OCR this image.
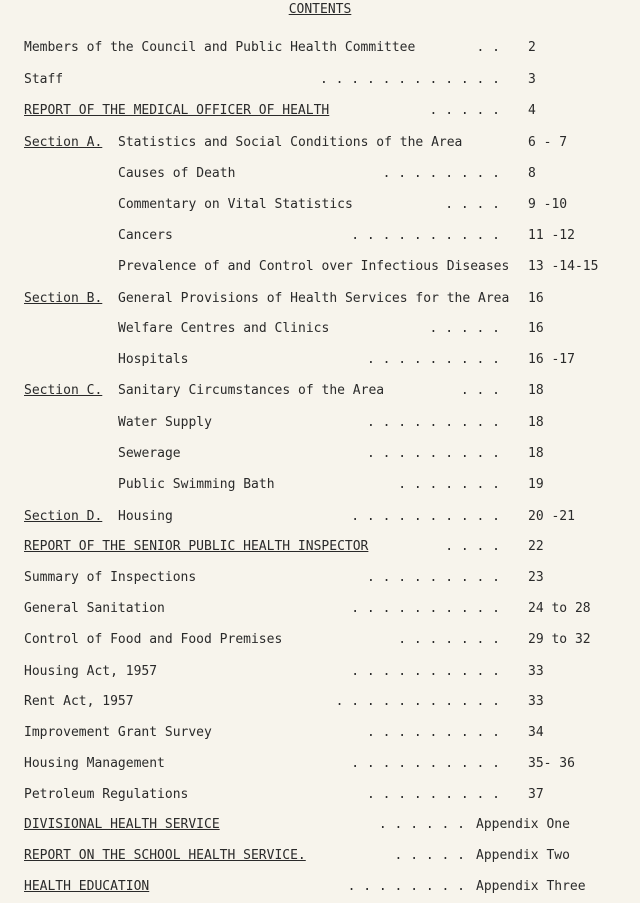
CONTENTS
Members of the Council and Public Health Committee	. . 2
Staff	. . . . . . . . . . . . 3
REPORT OF THE MEDICAL OFFICER OF HEALTH	. . . . . 4
Section A. Statistics and Social Conditions of the Area	6 - 7
Causes of Death	. . . . . . . . 8
Commentary on Vital Statistics	. . . . 9 -10
Cancers	. . . . . . . . . . 11 -12
Prevalence of and Control over Infectious Diseases 13 -14-15
Section B. General Provisions of Health Services for the Area 16
Welfare Centres and Clinics	. . . . . 16
Hospitals	. . . . . . . . . 16 -17
Section C. Sanitary Circumstances of the Area	. . . 18
Water Supply	. . . . . . . . . 18
Sewerage	. . . . . . . . . 18
Public Swimming Bath	. . . . . . . 19
Section D. Housing	. . . . . . . . . . 20 -21
REPORT OF THE SENIOR PUBLIC HEALTH INSPECTOR	. . . . 22
Summary of Inspections	. . . . . . . . . 23
General Sanitation	. . . . . . . . . . 24 to 28
Control of Food and Food Premises	. . . . . . . 29 to 32
Housing Act, 1957	. . . . . . . . . . 33
Rent Act, 1957	. . . . . . . . . . . 33
Improvement Grant Survey	. . . . . . . . . 34
Housing Management	. . . . . . . . . . 35- 36
Petroleum Regulations	. . . . . . . . . 37
DIVISIONAL HEALTH SERVICE	. . . . . . Appendix One
REPORT ON THE SCHOOL HEALTH SERVICE.	. . . . . Appendix Two
HEALTH EDUCATION	. . . . . . . . Appendix Three
